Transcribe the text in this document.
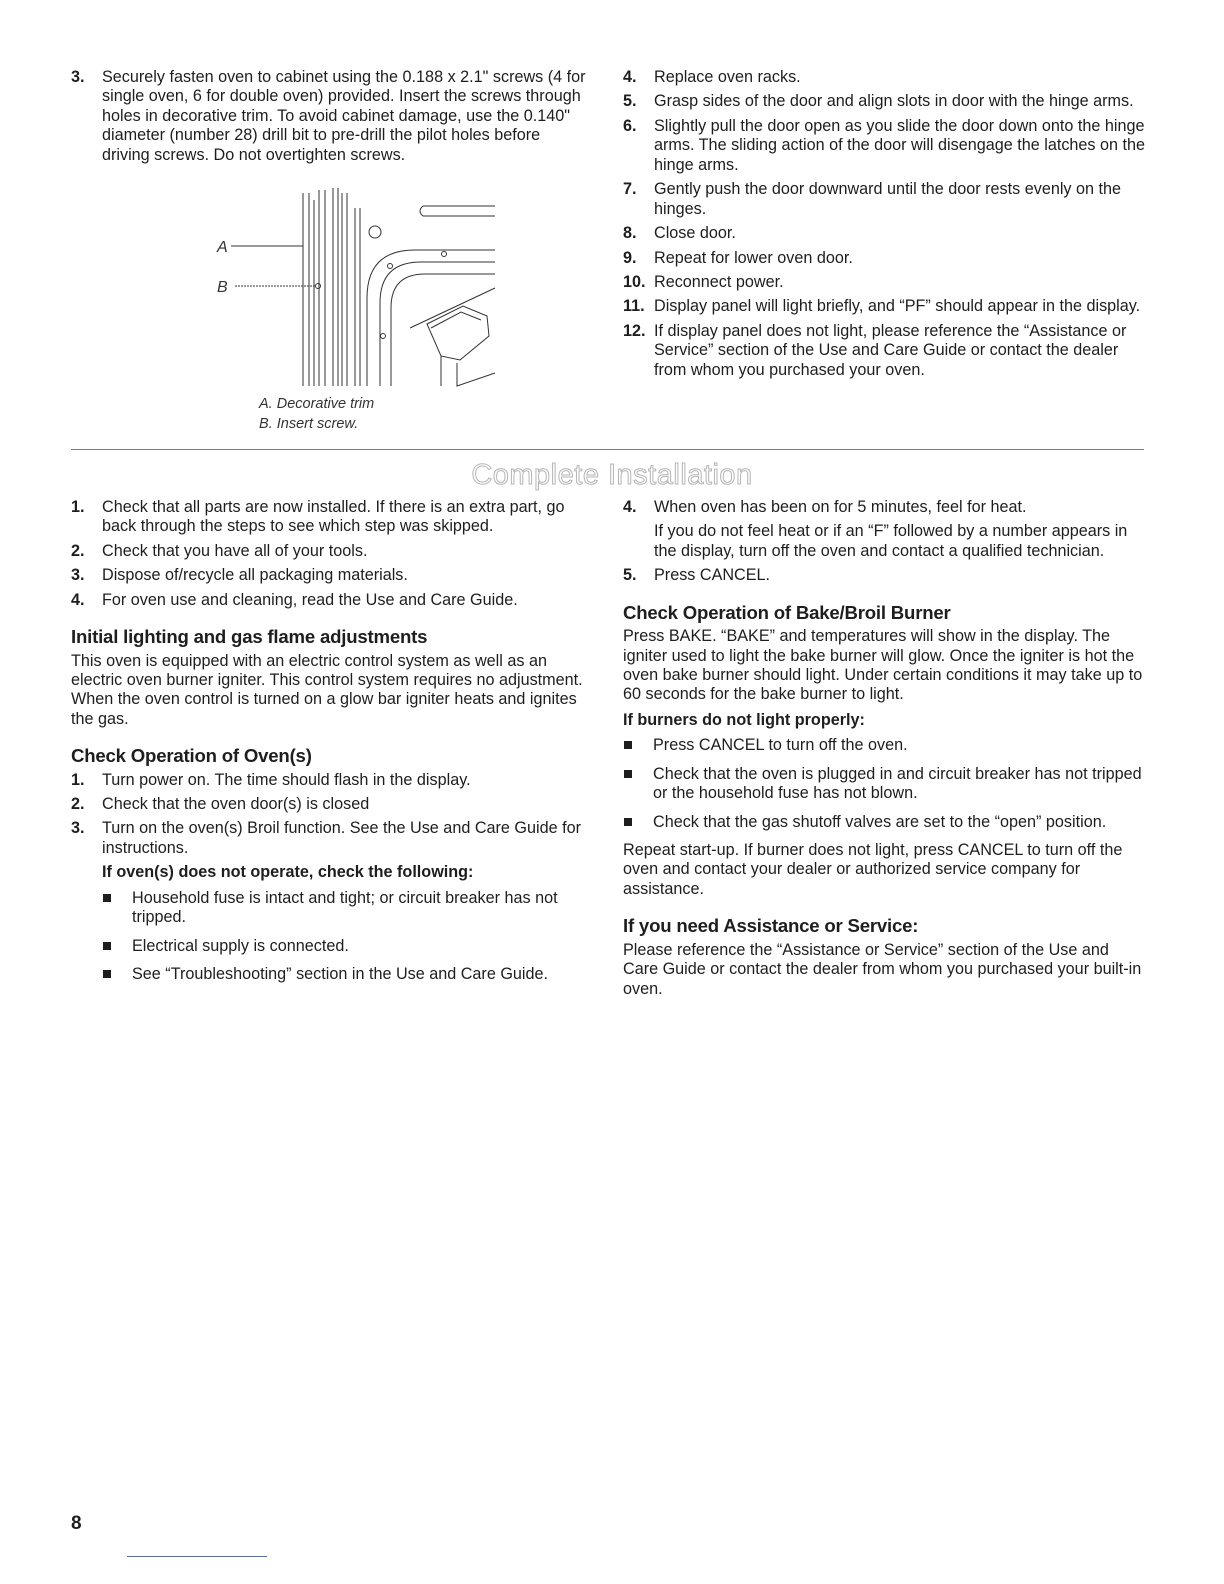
3. Securely fasten oven to cabinet using the 0.188 x 2.1" screws (4 for single oven, 6 for double oven) provided. Insert the screws through holes in decorative trim. To avoid cabinet damage, use the 0.140" diameter (number 28) drill bit to pre-drill the pilot holes before driving screws. Do not overtighten screws.
A
B
A. Decorative trim
B. Insert screw.
4. Replace oven racks.
5. Grasp sides of the door and align slots in door with the hinge arms.
6. Slightly pull the door open as you slide the door down onto the hinge arms. The sliding action of the door will disengage the latches on the hinge arms.
7. Gently push the door downward until the door rests evenly on the hinges.
8. Close door.
9. Repeat for lower oven door.
10. Reconnect power.
11. Display panel will light briefly, and “PF” should appear in the display.
12. If display panel does not light, please reference the “Assistance or Service” section of the Use and Care Guide or contact the dealer from whom you purchased your oven.
Complete Installation
1. Check that all parts are now installed. If there is an extra part, go back through the steps to see which step was skipped.
2. Check that you have all of your tools.
3. Dispose of/recycle all packaging materials.
4. For oven use and cleaning, read the Use and Care Guide.
Initial lighting and gas flame adjustments

This oven is equipped with an electric control system as well as an electric oven burner igniter. This control system requires no adjustment. When the oven control is turned on a glow bar igniter heats and ignites the gas.

Check Operation of Oven(s)
1. Turn power on. The time should flash in the display.
2. Check that the oven door(s) is closed
3. Turn on the oven(s) Broil function. See the Use and Care Guide for instructions.
If oven(s) does not operate, check the following:
Household fuse is intact and tight; or circuit breaker has not tripped.
Electrical supply is connected.
See “Troubleshooting” section in the Use and Care Guide.
4. When oven has been on for 5 minutes, feel for heat.

If you do not feel heat or if an “F” followed by a number appears in the display, turn off the oven and contact a qualified technician.

5. Press CANCEL.
Check Operation of Bake/Broil Burner

Press BAKE. “BAKE” and temperatures will show in the display. The igniter used to light the bake burner will glow. Once the igniter is hot the oven bake burner should light. Under certain conditions it may take up to 60 seconds for the bake burner to light.

If burners do not light properly:
Press CANCEL to turn off the oven.
Check that the oven is plugged in and circuit breaker has not tripped or the household fuse has not blown.
Check that the gas shutoff valves are set to the “open” position.

Repeat start-up. If burner does not light, press CANCEL to turn off the oven and contact your dealer or authorized service company for assistance.

If you need Assistance or Service:

Please reference the “Assistance or Service” section of the Use and Care Guide or contact the dealer from whom you purchased your built-in oven.

8
